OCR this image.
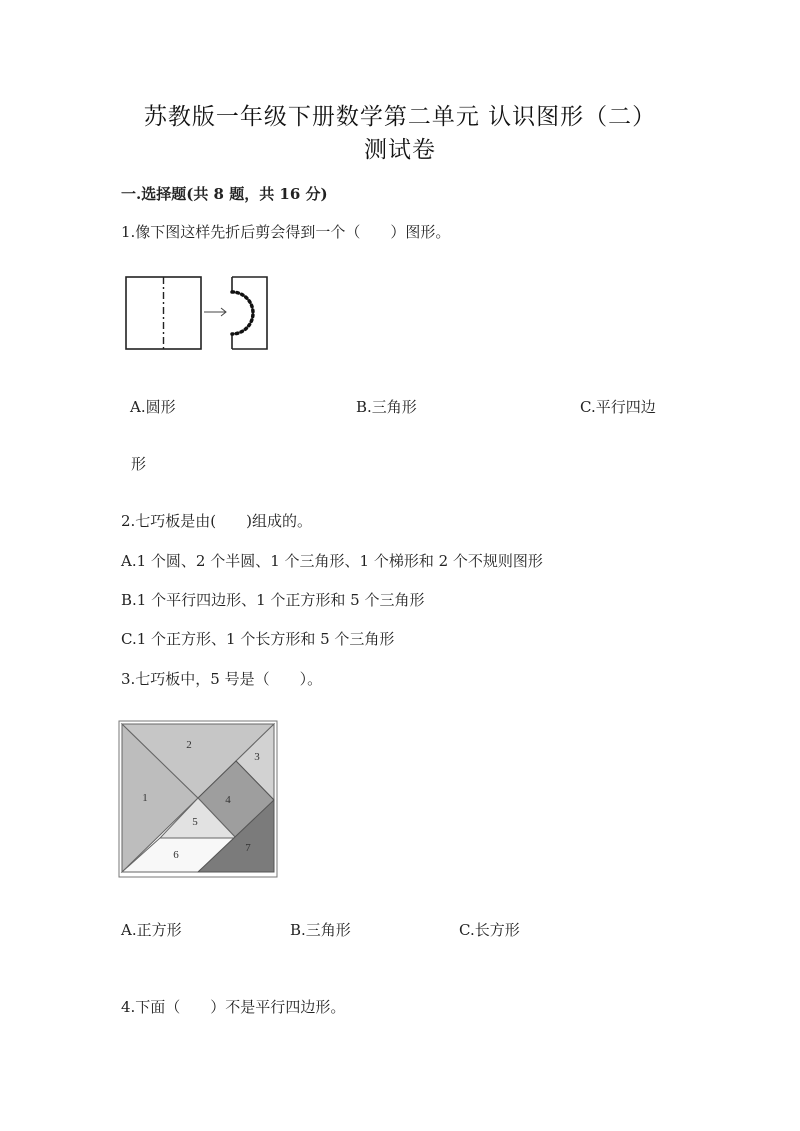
苏教版一年级下册数学第二单元 认识图形（二）
测试卷
一.选择题(共 8 题，共 16 分)
1.像下图这样先折后剪会得到一个（　　）图形。
A.圆形	B.三角形	C.平行四边
形
2.七巧板是由(　　)组成的。
A.1 个圆、2 个半圆、1 个三角形、1 个梯形和 2 个不规则图形
B.1 个平行四边形、1 个正方形和 5 个三角形
C.1 个正方形、1 个长方形和 5 个三角形
3.七巧板中，5 号是（　　）。
1
2
3
4
5
6
7
A.正方形	B.三角形	C.长方形
4.下面（　　）不是平行四边形。
